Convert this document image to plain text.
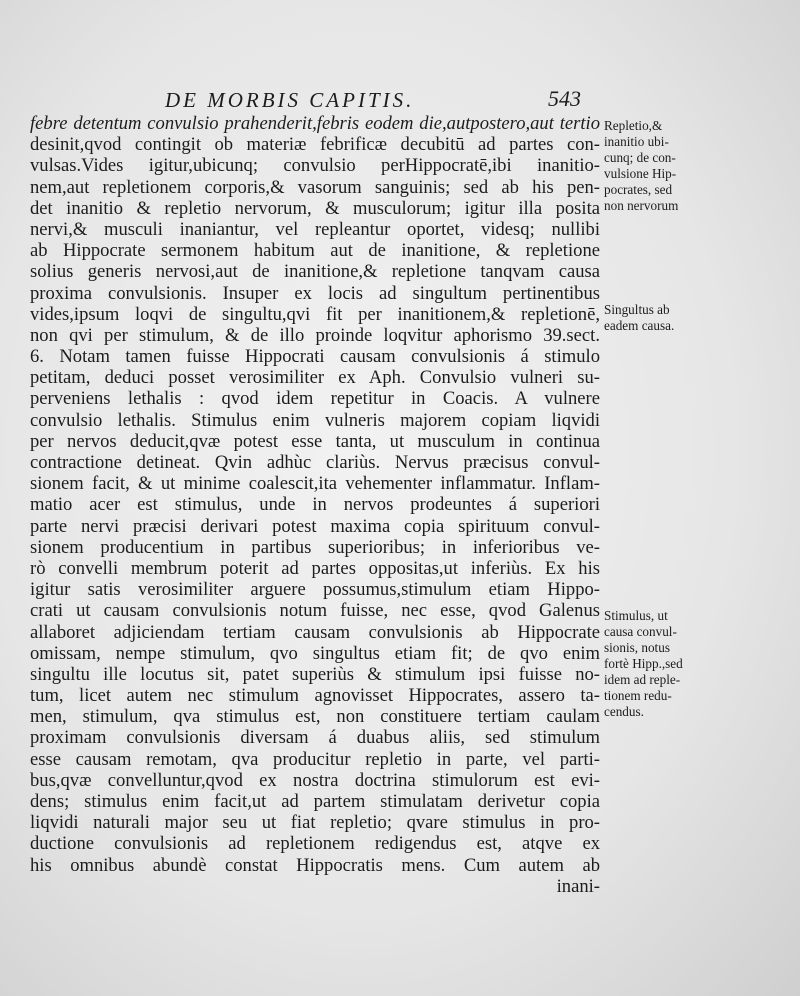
DE MORBIS CAPITIS.	543
febre detentum convulsio prahenderit,febris eodem die,autpostero,aut tertio
desinit,qvod contingit ob materiæ febrificæ decubitū ad partes con-
vulsas.Vides igitur,ubicunq; convulsio perHippocratē,ibi inanitio-
nem,aut repletionem corporis,& vasorum sanguinis; sed ab his pen-
det inanitio & repletio nervorum, & musculorum; igitur illa posita
nervi,& musculi inaniantur, vel repleantur oportet, videsq; nullibi
ab Hippocrate sermonem habitum aut de inanitione, & repletione
solius generis nervosi,aut de inanitione,& repletione tanqvam causa
proxima convulsionis. Insuper ex locis ad singultum pertinentibus
vides,ipsum loqvi de singultu,qvi fit per inanitionem,& repletionē,
non qvi per stimulum, & de illo proinde loqvitur aphorismo 39.sect.
6. Notam tamen fuisse Hippocrati causam convulsionis á stimulo
petitam, deduci posset verosimiliter ex Aph. Convulsio vulneri su-
perveniens lethalis : qvod idem repetitur in Coacis. A vulnere
convulsio lethalis. Stimulus enim vulneris majorem copiam liqvidi
per nervos deducit,qvæ potest esse tanta, ut musculum in continua
contractione detineat. Qvin adhùc clariùs. Nervus præcisus convul-
sionem facit, & ut minime coalescit,ita vehementer inflammatur. Inflam-
matio acer est stimulus, unde in nervos prodeuntes á superiori
parte nervi præcisi derivari potest maxima copia spirituum convul-
sionem producentium in partibus superioribus; in inferioribus ve-
rò convelli membrum poterit ad partes oppositas,ut inferiùs. Ex his
igitur satis verosimiliter arguere possumus,stimulum etiam Hippo-
crati ut causam convulsionis notum fuisse, nec esse, qvod Galenus
allaboret adjiciendam tertiam causam convulsionis ab Hippocrate
omissam, nempe stimulum, qvo singultus etiam fit; de qvo enim
singultu ille locutus sit, patet superiùs & stimulum ipsi fuisse no-
tum, licet autem nec stimulum agnovisset Hippocrates, assero ta-
men, stimulum, qva stimulus est, non constituere tertiam caulam
proximam convulsionis diversam á duabus aliis, sed stimulum
esse causam remotam, qva producitur repletio in parte, vel parti-
bus,qvæ convelluntur,qvod ex nostra doctrina stimulorum est evi-
dens; stimulus enim facit,ut ad partem stimulatam derivetur copia
liqvidi naturali major seu ut fiat repletio; qvare stimulus in pro-
ductione convulsionis ad repletionem redigendus est, atqve ex
his omnibus abundè constat Hippocratis mens. Cum autem ab
inani-
Repletio,&
inanitio ubi-
cunq; de con-
vulsione Hip-
pocrates, sed
non nervorum
Singultus ab
eadem causa.
Stimulus, ut
causa convul-
sionis, notus
fortè Hipp.,sed
idem ad reple-
tionem redu-
cendus.
